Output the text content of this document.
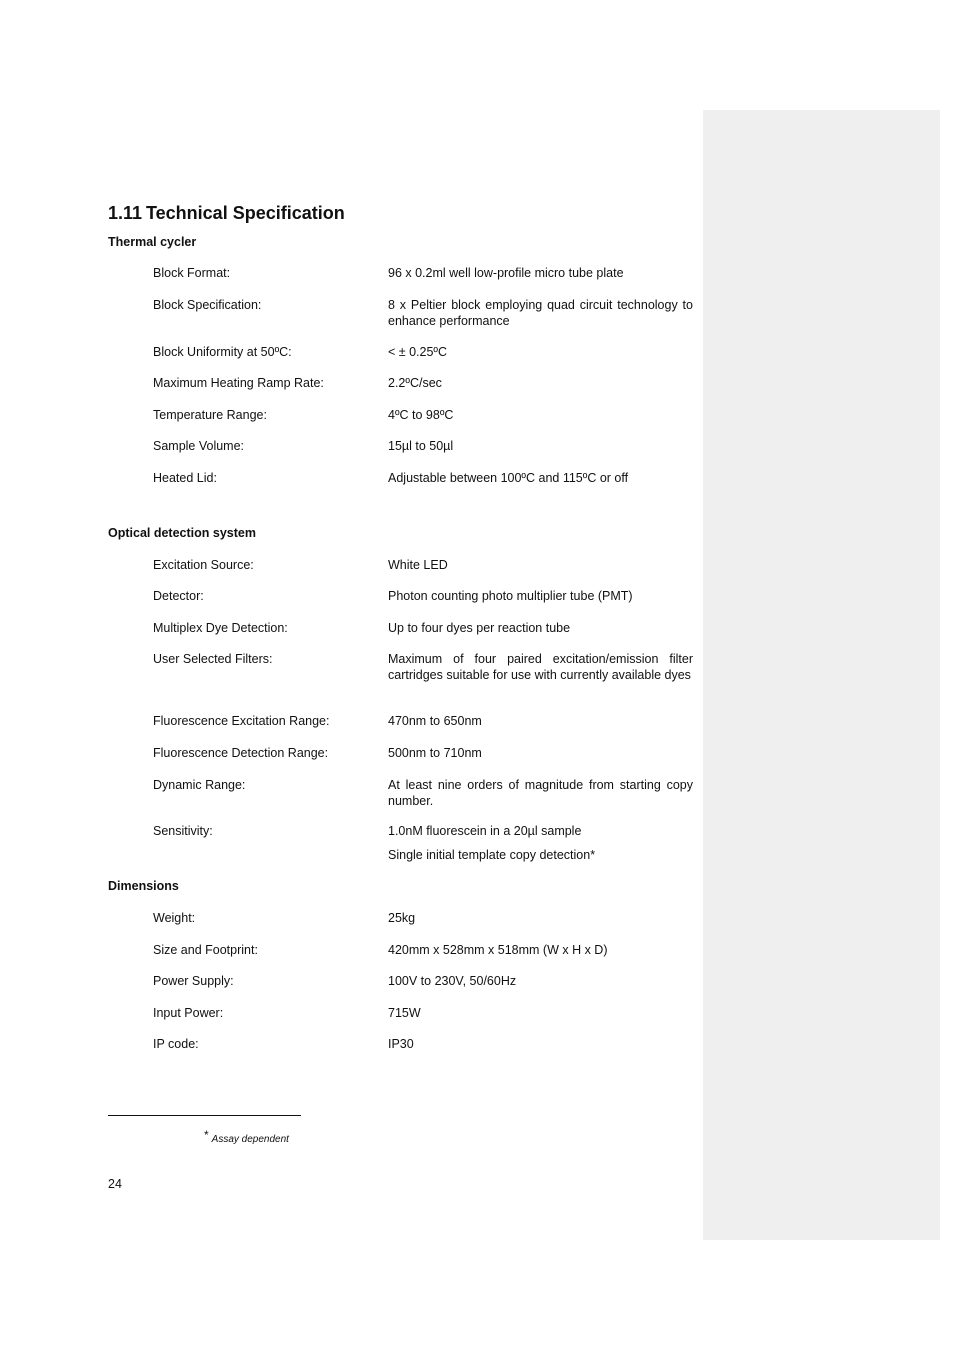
1.11 Technical Specification
Thermal cycler
Block Format:	96 x 0.2ml well low-profile micro tube plate
Block Specification:	8 x Peltier block employing quad circuit technology to enhance performance
Block Uniformity at 50ºC:	< ± 0.25ºC
Maximum Heating Ramp Rate:	2.2ºC/sec
Temperature Range:	4ºC to 98ºC
Sample Volume:	15µl to 50µl
Heated Lid:	Adjustable between 100ºC and 115ºC or off
Optical detection system
Excitation Source:	White LED
Detector:	Photon counting photo multiplier tube (PMT)
Multiplex Dye Detection:	Up to four dyes per reaction tube
User Selected Filters:	Maximum of four paired excitation/emission filter cartridges suitable for use with currently available dyes
Fluorescence Excitation Range:	470nm to 650nm
Fluorescence Detection Range:	500nm to 710nm
Dynamic Range:	At least nine orders of magnitude from starting copy number.
Sensitivity:	1.0nM fluorescein in a 20µl sample
Single initial template copy detection*
Dimensions
Weight:	25kg
Size and Footprint:	420mm x 528mm x 518mm (W x H x D)
Power Supply:	100V to 230V, 50/60Hz
Input Power:	715W
IP code:	IP30
* Assay dependent
24
